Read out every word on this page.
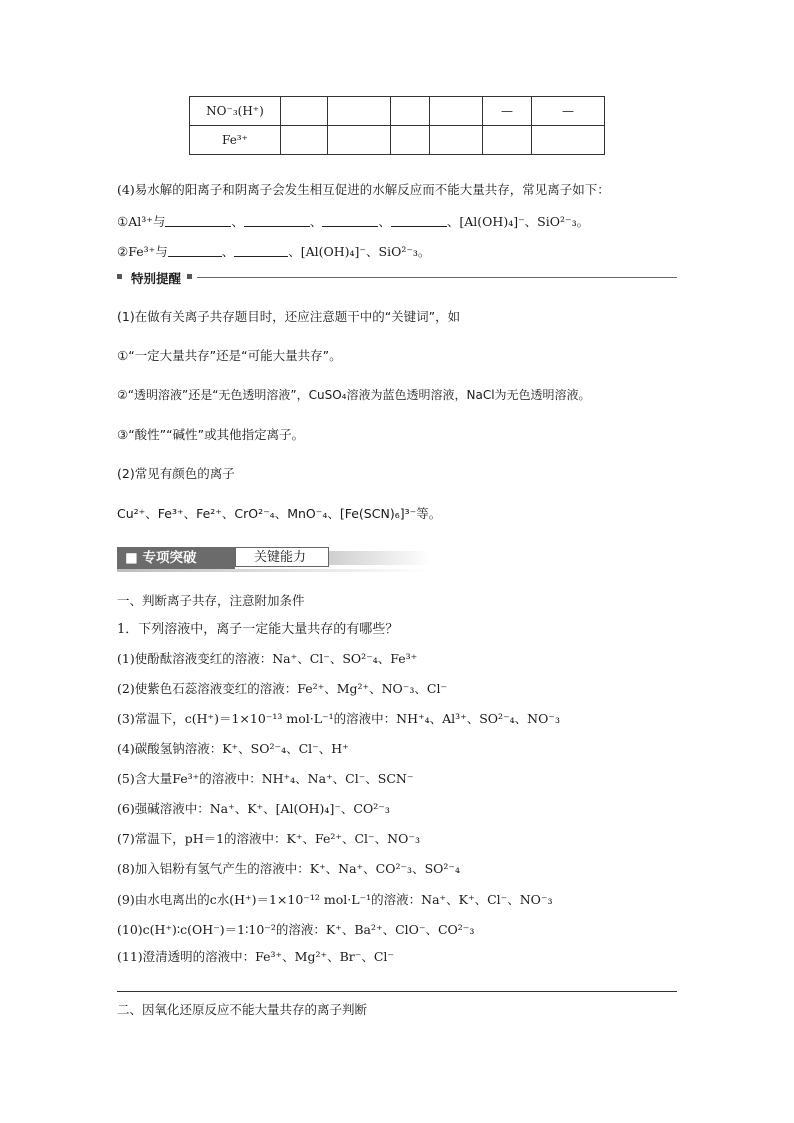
NO⁻₃(H⁺)					—	—
Fe³⁺						
(4)易水解的阳离子和阴离子会发生相互促进的水解反应而不能大量共存，常见离子如下：
①Al³⁺与	、	、	、	、[Al(OH)₄]⁻、SiO²⁻₃。
②Fe³⁺与	、	、[Al(OH)₄]⁻、SiO²⁻₃。
特别提醒
(1)在做有关离子共存题目时，还应注意题干中的“关键词”，如
①“一定大量共存”还是“可能大量共存”。
②“透明溶液”还是“无色透明溶液”，CuSO₄溶液为蓝色透明溶液，NaCl为无色透明溶液。
③“酸性”“碱性”或其他指定离子。
(2)常见有颜色的离子
Cu²⁺、Fe³⁺、Fe²⁺、CrO²⁻₄、MnO⁻₄、[Fe(SCN)₆]³⁻等。
■ 专项突破	关键能力
一、判断离子共存，注意附加条件
1．下列溶液中，离子一定能大量共存的有哪些？
(1)使酚酞溶液变红的溶液：Na⁺、Cl⁻、SO²⁻₄、Fe³⁺
(2)使紫色石蕊溶液变红的溶液：Fe²⁺、Mg²⁺、NO⁻₃、Cl⁻
(3)常温下，c(H⁺)＝1×10⁻¹³ mol·L⁻¹的溶液中：NH⁺₄、Al³⁺、SO²⁻₄、NO⁻₃
(4)碳酸氢钠溶液：K⁺、SO²⁻₄、Cl⁻、H⁺
(5)含大量Fe³⁺的溶液中：NH⁺₄、Na⁺、Cl⁻、SCN⁻
(6)强碱溶液中：Na⁺、K⁺、[Al(OH)₄]⁻、CO²⁻₃
(7)常温下，pH＝1的溶液中：K⁺、Fe²⁺、Cl⁻、NO⁻₃
(8)加入铝粉有氢气产生的溶液中：K⁺、Na⁺、CO²⁻₃、SO²⁻₄
(9)由水电离出的c水(H⁺)＝1×10⁻¹² mol·L⁻¹的溶液：Na⁺、K⁺、Cl⁻、NO⁻₃
(10)c(H⁺)∶c(OH⁻)＝1∶10⁻²的溶液：K⁺、Ba²⁺、ClO⁻、CO²⁻₃
(11)澄清透明的溶液中：Fe³⁺、Mg²⁺、Br⁻、Cl⁻
二、因氧化还原反应不能大量共存的离子判断
